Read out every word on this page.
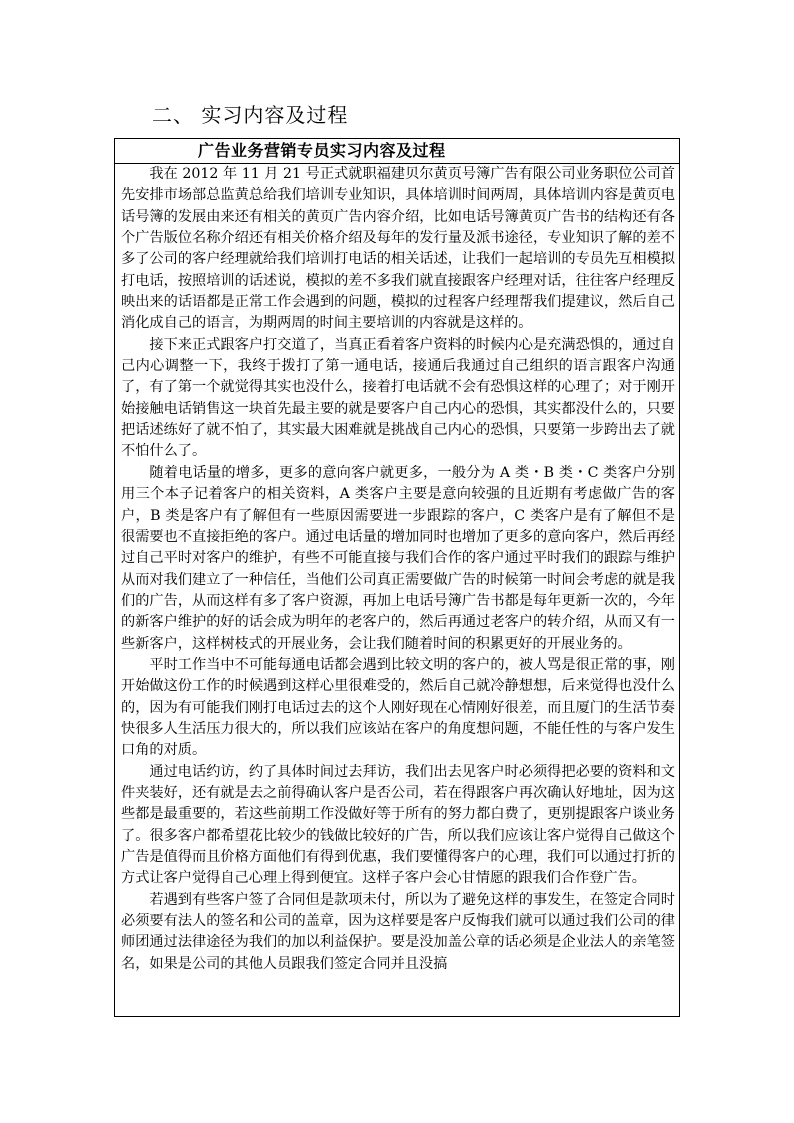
二、 实习内容及过程
广告业务营销专员实习内容及过程

我在 2012 年 11 月 21 号正式就职福建贝尔黄页号簿广告有限公司业务职位公司首先安排市场部总监黄总给我们培训专业知识，具体培训时间两周，具体培训内容是黄页电话号簿的发展由来还有相关的黄页广告内容介绍，比如电话号簿黄页广告书的结构还有各个广告版位名称介绍还有相关价格介绍及每年的发行量及派书途径，专业知识了解的差不多了公司的客户经理就给我们培训打电话的相关话述，让我们一起培训的专员先互相模拟打电话，按照培训的话述说，模拟的差不多我们就直接跟客户经理对话，往往客户经理反映出来的话语都是正常工作会遇到的问题，模拟的过程客户经理帮我们提建议，然后自己消化成自己的语言，为期两周的时间主要培训的内容就是这样的。

接下来正式跟客户打交道了，当真正看着客户资料的时候内心是充满恐惧的，通过自己内心调整一下，我终于拨打了第一通电话，接通后我通过自己组织的语言跟客户沟通了，有了第一个就觉得其实也没什么，接着打电话就不会有恐惧这样的心理了；对于刚开始接触电话销售这一块首先最主要的就是要客户自己内心的恐惧，其实都没什么的，只要把话述练好了就不怕了，其实最大困难就是挑战自己内心的恐惧，只要第一步跨出去了就不怕什么了。

随着电话量的增多，更多的意向客户就更多，一般分为 A 类・B 类・C 类客户分别用三个本子记着客户的相关资料，A 类客户主要是意向较强的且近期有考虑做广告的客户，B 类是客户有了解但有一些原因需要进一步跟踪的客户，C 类客户是有了解但不是很需要也不直接拒绝的客户。通过电话量的增加同时也增加了更多的意向客户，然后再经过自己平时对客户的维护，有些不可能直接与我们合作的客户通过平时我们的跟踪与维护从而对我们建立了一种信任，当他们公司真正需要做广告的时候第一时间会考虑的就是我们的广告，从而这样有多了客户资源，再加上电话号簿广告书都是每年更新一次的，今年的新客户维护的好的话会成为明年的老客户的，然后再通过老客户的转介绍，从而又有一些新客户，这样树枝式的开展业务，会让我们随着时间的积累更好的开展业务的。

平时工作当中不可能每通电话都会遇到比较文明的客户的，被人骂是很正常的事，刚开始做这份工作的时候遇到这样心里很难受的，然后自己就冷静想想，后来觉得也没什么的，因为有可能我们刚打电话过去的这个人刚好现在心情刚好很差，而且厦门的生活节奏快很多人生活压力很大的，所以我们应该站在客户的角度想问题，不能任性的与客户发生口角的对质。

通过电话约访，约了具体时间过去拜访，我们出去见客户时必须得把必要的资料和文件夹装好，还有就是去之前得确认客户是否公司，若在得跟客户再次确认好地址，因为这些都是最重要的，若这些前期工作没做好等于所有的努力都白费了，更别提跟客户谈业务了。很多客户都希望花比较少的钱做比较好的广告，所以我们应该让客户觉得自己做这个广告是值得而且价格方面他们有得到优惠，我们要懂得客户的心理，我们可以通过打折的方式让客户觉得自己心理上得到便宜。这样子客户会心甘情愿的跟我们合作登广告。

若遇到有些客户签了合同但是款项未付，所以为了避免这样的事发生，在签定合同时必须要有法人的签名和公司的盖章，因为这样要是客户反悔我们就可以通过我们公司的律师团通过法律途径为我们的加以利益保护。要是没加盖公章的话必须是企业法人的亲笔签名，如果是公司的其他人员跟我们签定合同并且没搞
